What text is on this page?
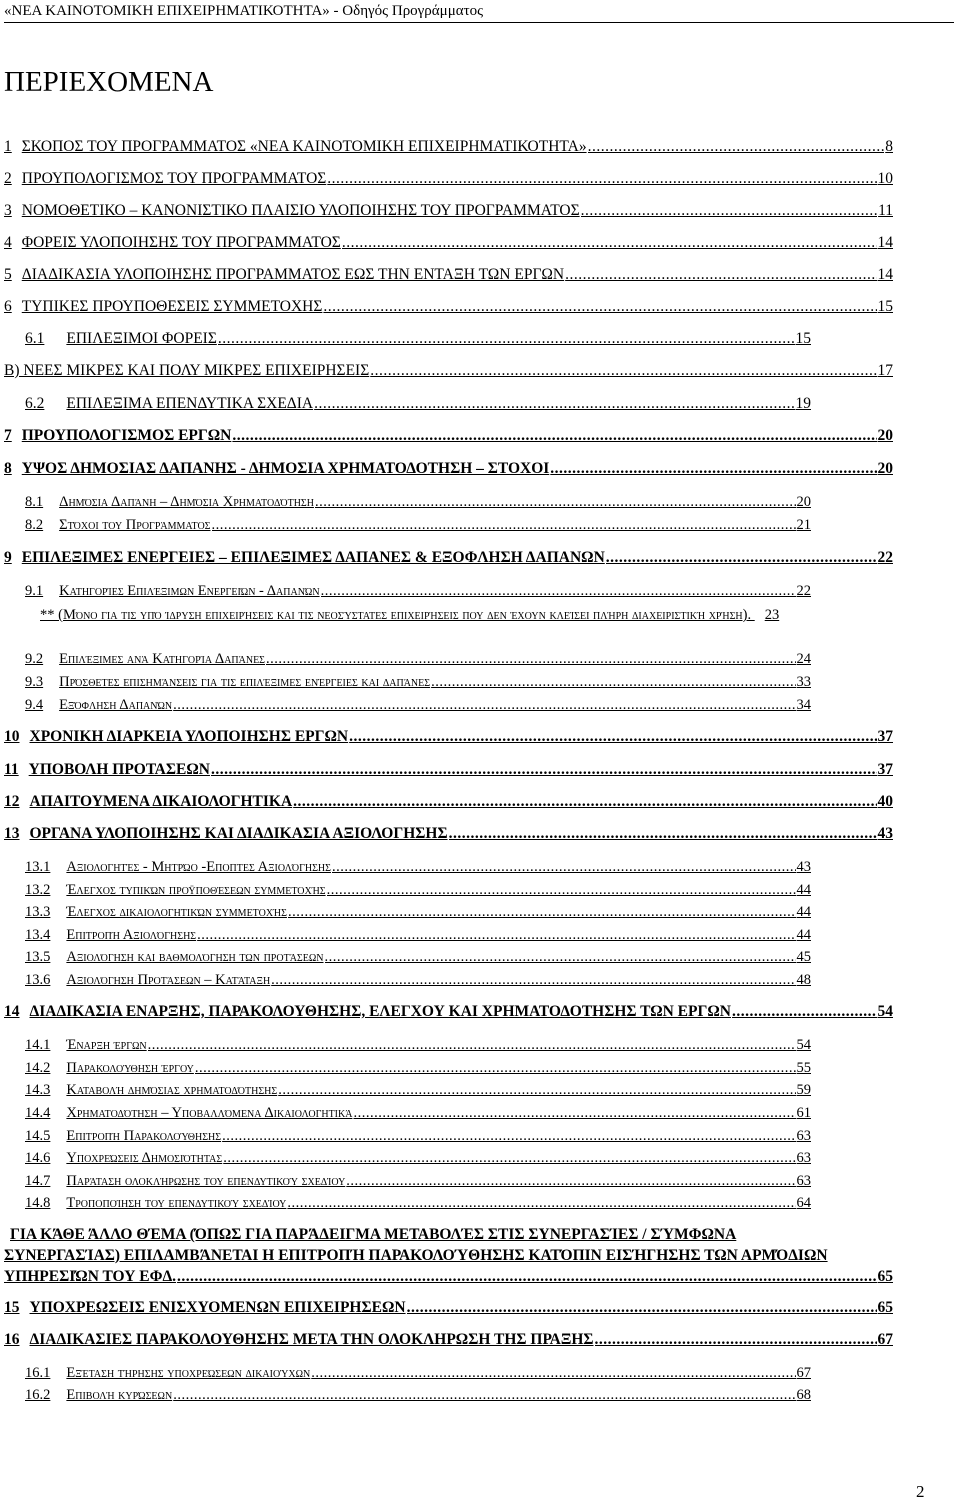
«ΝΕΑ ΚΑΙΝΟΤΟΜΙΚΗ ΕΠΙΧΕΙΡΗΜΑΤΙΚΟΤΗΤΑ» - Οδηγός Προγράμματος
ΠΕΡΙΕΧΟΜΕΝΑ
1 ΣΚΟΠΟΣ ΤΟΥ ΠΡΟΓΡΑΜΜΑΤΟΣ «ΝΕΑ ΚΑΙΝΟΤΟΜΙΚΗ ΕΠΙΧΕΙΡΗΜΑΤΙΚΟΤΗΤΑ» .....	8
2 ΠΡΟΥΠΟΛΟΓΙΣΜΟΣ ΤΟΥ ΠΡΟΓΡΑΜΜΑΤΟΣ .....	10
3 ΝΟΜΟΘΕΤΙΚΟ – ΚΑΝΟΝΙΣΤΙΚΟ ΠΛΑΙΣΙΟ ΥΛΟΠΟΙΗΣΗΣ ΤΟΥ ΠΡΟΓΡΑΜΜΑΤΟΣ .....	11
4 ΦΟΡΕΙΣ ΥΛΟΠΟΙΗΣΗΣ ΤΟΥ ΠΡΟΓΡΑΜΜΑΤΟΣ .....	14
5 ΔΙΑΔΙΚΑΣΙΑ ΥΛΟΠΟΙΗΣΗΣ ΠΡΟΓΡΑΜΜΑΤΟΣ ΕΩΣ ΤΗΝ ΕΝΤΑΞΗ ΤΩΝ ΕΡΓΩΝ .....	14
6 ΤΥΠΙΚΕΣ ΠΡΟΥΠΟΘΕΣΕΙΣ ΣΥΜΜΕΤΟΧΗΣ .....	15
6.1 ΕΠΙΛΕΞΙΜΟΙ ΦΟΡΕΙΣ .....	15
Β) ΝΕΕΣ ΜΙΚΡΕΣ ΚΑΙ ΠΟΛΥ ΜΙΚΡΕΣ ΕΠΙΧΕΙΡΗΣΕΙΣ .....	17
6.2 ΕΠΙΛΕΞΙΜΑ ΕΠΕΝΔΥΤΙΚΑ ΣΧΕΔΙΑ .....	19
7 ΠΡΟΥΠΟΛΟΓΙΣΜΟΣ ΕΡΓΩΝ .....	20
8 ΥΨΟΣ ΔΗΜΟΣΙΑΣ ΔΑΠΑΝΗΣ - ΔΗΜΟΣΙΑ ΧΡΗΜΑΤΟΔΟΤΗΣΗ – ΣΤΟΧΟΙ .....	20
8.1 Δημόσια Δαπάνη – Δημόσια Χρηματοδότηση .....	20
8.2 Στόχοι του Προγράμματος .....	21
9 ΕΠΙΛΕΞΙΜΕΣ ΕΝΕΡΓΕΙΕΣ – ΕΠΙΛΕΞΙΜΕΣ ΔΑΠΑΝΕΣ & ΕΞΟΦΛΗΣΗ ΔΑΠΑΝΩΝ .....	22
9.1 Κατηγορίες Επιλέξιμων Ενεργειών - Δαπανών .....	22
** (Μόνο για τις υπό ίδρυση επιχειρήσεις και τις νεοσύστατες επιχειρήσεις που δεν έχουν κλείσει πλήρη διαχειριστική χρήση). 23
9.2 Επιλέξιμες ανά Κατηγορία Δαπάνες .....	24
9.3 Πρόσθετες επισημάνσεις για τις επιλέξιμες ενέργειες και δαπάνες .....	33
9.4 Εξόφληση Δαπανών .....	34
10 ΧΡΟΝΙΚΗ ΔΙΑΡΚΕΙΑ ΥΛΟΠΟΙΗΣΗΣ ΕΡΓΩΝ .....	37
11 ΥΠΟΒΟΛΗ ΠΡΟΤΑΣΕΩΝ .....	37
12 ΑΠΑΙΤΟΥΜΕΝΑ ΔΙΚΑΙΟΛΟΓΗΤΙΚΑ .....	40
13 ΟΡΓΑΝΑ ΥΛΟΠΟΙΗΣΗΣ ΚΑΙ ΔΙΑΔΙΚΑΣΙΑ ΑΞΙΟΛΟΓΗΣΗΣ .....	43
13.1 Αξιολογητές - Μητρώο -Εποπτες Αξιολόγησης .....	43
13.2 Έλεγχος τυπικών προϋποθέσεων συμμετοχής .....	44
13.3 Έλεγχος δικαιολογητικών συμμετοχής .....	44
13.4 Επιτροπή Αξιολόγησης .....	44
13.5 Αξιολόγηση και βαθμολόγηση των προτάσεων .....	45
13.6 Αξιολόγηση Προτάσεων – Κατάταξη .....	48
14 ΔΙΑΔΙΚΑΣΙΑ ΕΝΑΡΞΗΣ, ΠΑΡΑΚΟΛΟΥΘΗΣΗΣ, ΕΛΕΓΧΟΥ ΚΑΙ ΧΡΗΜΑΤΟΔΟΤΗΣΗΣ ΤΩΝ ΕΡΓΩΝ .....	54
14.1 Έναρξη έργων .....	54
14.2 Παρακολούθηση έργου .....	55
14.3 Καταβολή δημόσιας χρηματοδότησης .....	59
14.4 Χρηματοδότηση – Υποβαλλόμενα Δικαιολογητικά .....	61
14.5 Επιτροπή Παρακολούθησης .....	63
14.6 Υποχρεώσεις Δημοσιότητας .....	63
14.7 Παράταση ολοκλήρωσης του επενδυτικού σχεδίου .....	63
14.8 Τροποποίηση του επενδυτικού σχεδίου .....	64
ΓΙΑ ΚΆΘΕ ΆΛΛΟ ΘΈΜΑ (ΌΠΩΣ ΓΙΑ ΠΑΡΆΔΕΙΓΜΑ ΜΕΤΑΒΟΛΈΣ ΣΤΙΣ ΣΥΝΕΡΓΑΣΊΕΣ / ΣΎΜΦΩΝΑ
ΣΥΝΕΡΓΑΣΊΑΣ) ΕΠΙΛΑΜΒΆΝΕΤΑΙ Η ΕΠΙΤΡΟΠΉ ΠΑΡΑΚΟΛΟΎΘΗΣΗΣ ΚΑΤΌΠΙΝ ΕΙΣΉΓΗΣΗΣ ΤΩΝ ΑΡΜΌΔΙΩΝ
ΥΠΗΡΕΣΙΏΝ ΤΟΥ ΕΦΔ. .....	65
15 ΥΠΟΧΡΕΩΣΕΙΣ ΕΝΙΣΧΥΟΜΕΝΩΝ ΕΠΙΧΕΙΡΗΣΕΩΝ .....	65
16 ΔΙΑΔΙΚΑΣΙΕΣ ΠΑΡΑΚΟΛΟΥΘΗΣΗΣ ΜΕΤΑ ΤΗΝ ΟΛΟΚΛΗΡΩΣΗ ΤΗΣ ΠΡΑΞΗΣ .....	67
16.1 Εξέταση τήρησης υποχρεώσεων δικαιούχων .....	67
16.2 Επιβολή κυρώσεων .....	68
2
